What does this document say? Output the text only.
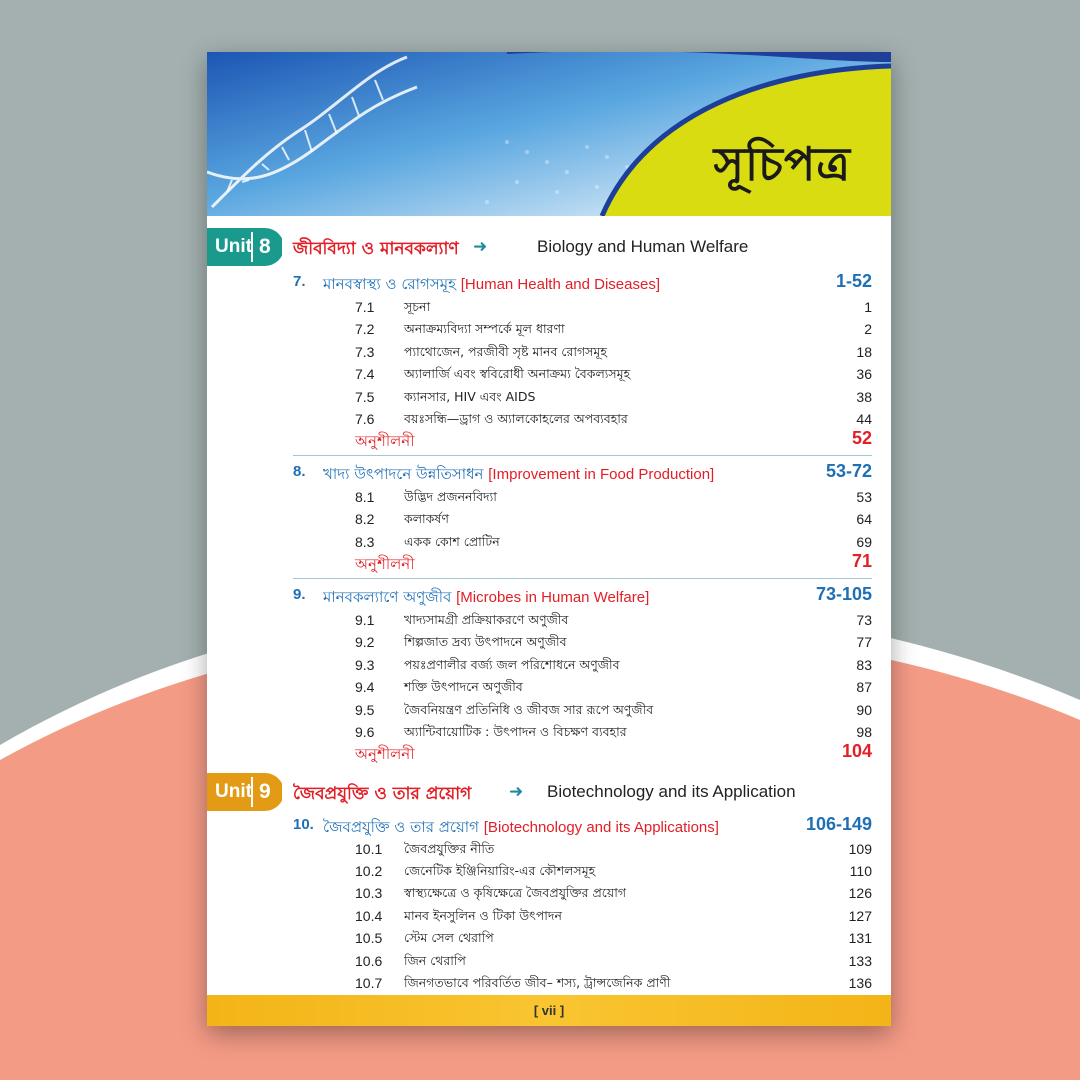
সূচিপত্র
Unit 8 জীববিদ্যা ও মানবকল্যাণ ➜	Biology and Human Welfare
7. মানবস্বাস্থ্য ও রোগসমূহ [Human Health and Diseases]	1-52
7.1 সূচনা	1
7.2 অনাক্রম্যবিদ্যা সম্পর্কে মূল ধারণা	2
7.3 প্যাথোজেন, পরজীবী সৃষ্ট মানব রোগসমূহ	18
7.4 অ্যালার্জি এবং স্ববিরোধী অনাক্রম্য বৈকল্যসমূহ	36
7.5 ক্যানসার, HIV এবং AIDS	38
7.6 বয়ঃসন্ধি—ড্রাগ ও অ্যালকোহলের অপব্যবহার	44
অনুশীলনী	52
8. খাদ্য উৎপাদনে উন্নতিসাধন [Improvement in Food Production]	53-72
8.1 উদ্ভিদ প্রজননবিদ্যা	53
8.2 কলাকর্ষণ	64
8.3 একক কোশ প্রোটিন	69
অনুশীলনী	71
9. মানবকল্যাণে অণুজীব [Microbes in Human Welfare]	73-105
9.1 খাদ্যসামগ্রী প্রক্রিয়াকরণে অণুজীব	73
9.2 শিল্পজাত দ্রব্য উৎপাদনে অণুজীব	77
9.3 পয়ঃপ্রণালীর বর্জ্য জল পরিশোধনে অণুজীব	83
9.4 শক্তি উৎপাদনে অণুজীব	87
9.5 জৈবনিয়ন্ত্রণ প্রতিনিধি ও জীবজ সার রূপে অণুজীব	90
9.6 অ্যান্টিবায়োটিক : উৎপাদন ও বিচক্ষণ ব্যবহার	98
অনুশীলনী	104
Unit 9 জৈবপ্রযুক্তি ও তার প্রয়োগ ➜ Biotechnology and its Application
10. জৈবপ্রযুক্তি ও তার প্রয়োগ [Biotechnology and its Applications]	106-149
10.1 জৈবপ্রযুক্তির নীতি	109
10.2 জেনেটিক ইঞ্জিনিয়ারিং-এর কৌশলসমূহ	110
10.3 স্বাস্থ্যক্ষেত্রে ও কৃষিক্ষেত্রে জৈবপ্রযুক্তির প্রয়োগ	126
10.4 মানব ইনসুলিন ও টিকা উৎপাদন	127
10.5 স্টেম সেল থেরাপি	131
10.6 জিন থেরাপি	133
10.7 জিনগতভাবে পরিবর্তিত জীব– শস্য, ট্রান্সজেনিক প্রাণী	136
[ vii ]
